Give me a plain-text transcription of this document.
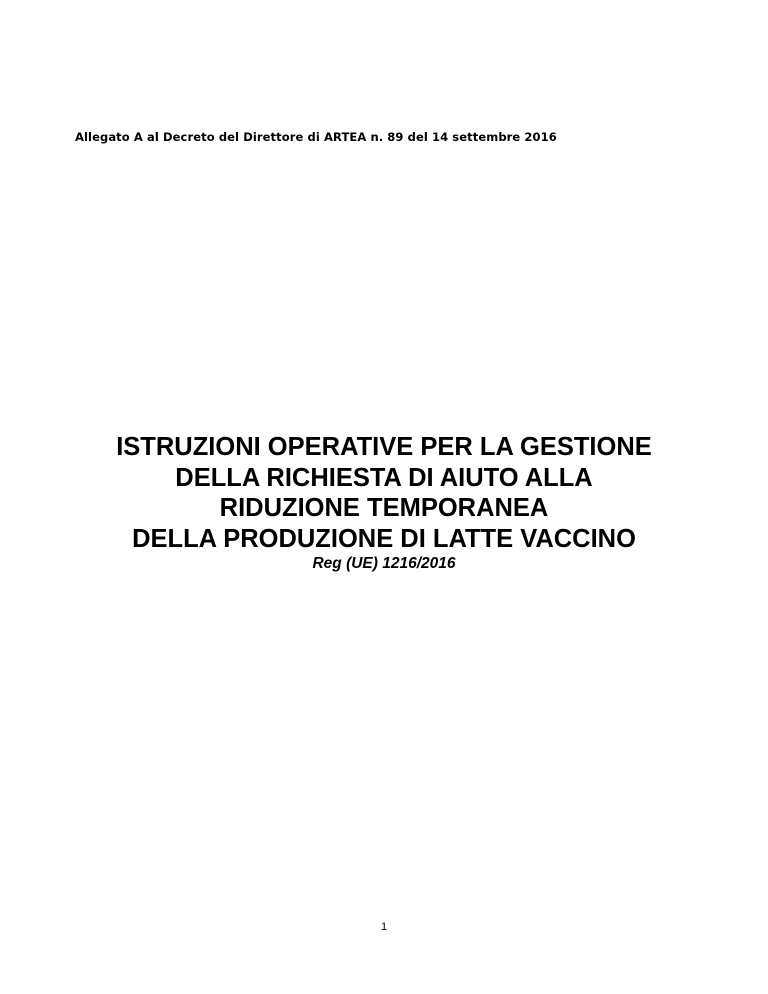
Allegato A al Decreto del Direttore di ARTEA n. 89 del 14 settembre 2016
ISTRUZIONI OPERATIVE PER LA GESTIONE
DELLA RICHIESTA DI AIUTO ALLA
RIDUZIONE TEMPORANEA
DELLA PRODUZIONE DI LATTE VACCINO
Reg (UE) 1216/2016
1
